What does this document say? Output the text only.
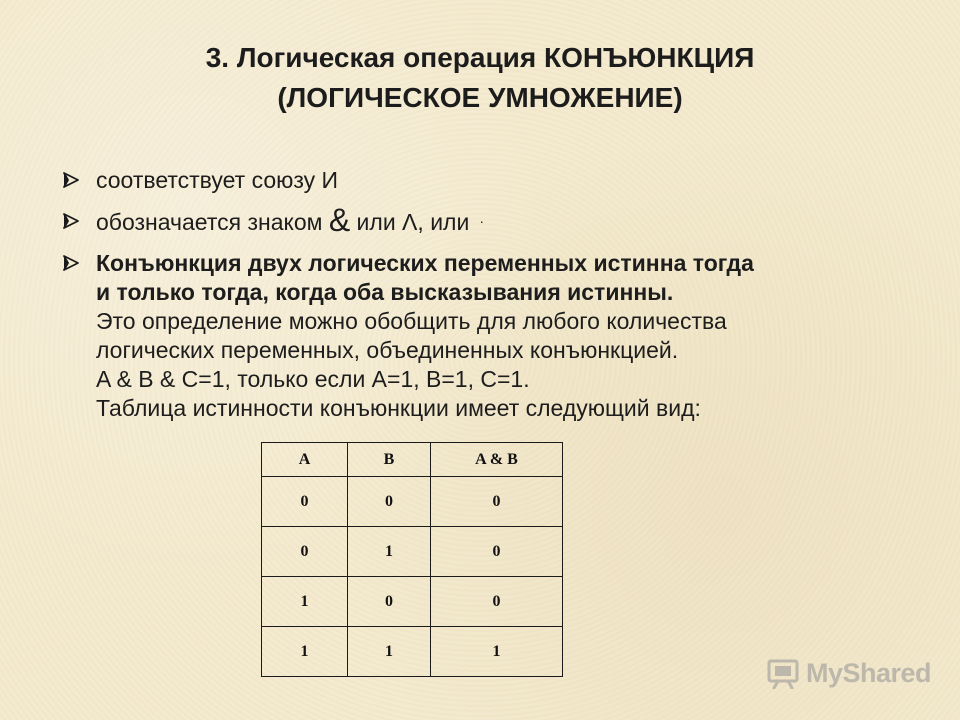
3. Логическая операция КОНЪЮНКЦИЯ
(ЛОГИЧЕСКОЕ УМНОЖЕНИЕ)
соответствует союзу И
обозначается знаком & или Λ, или ·
Конъюнкция двух логических переменных истинна тогда
и только тогда, когда оба высказывания истинны.
Это определение можно обобщить для любого количества
логических переменных, объединенных конъюнкцией.
A & B & C=1, только если A=1, B=1, C=1.
Таблица истинности конъюнкции имеет следующий вид:
A	B	A & B
0	0	0
0	1	0
1	0	0
1	1	1
MyShared
